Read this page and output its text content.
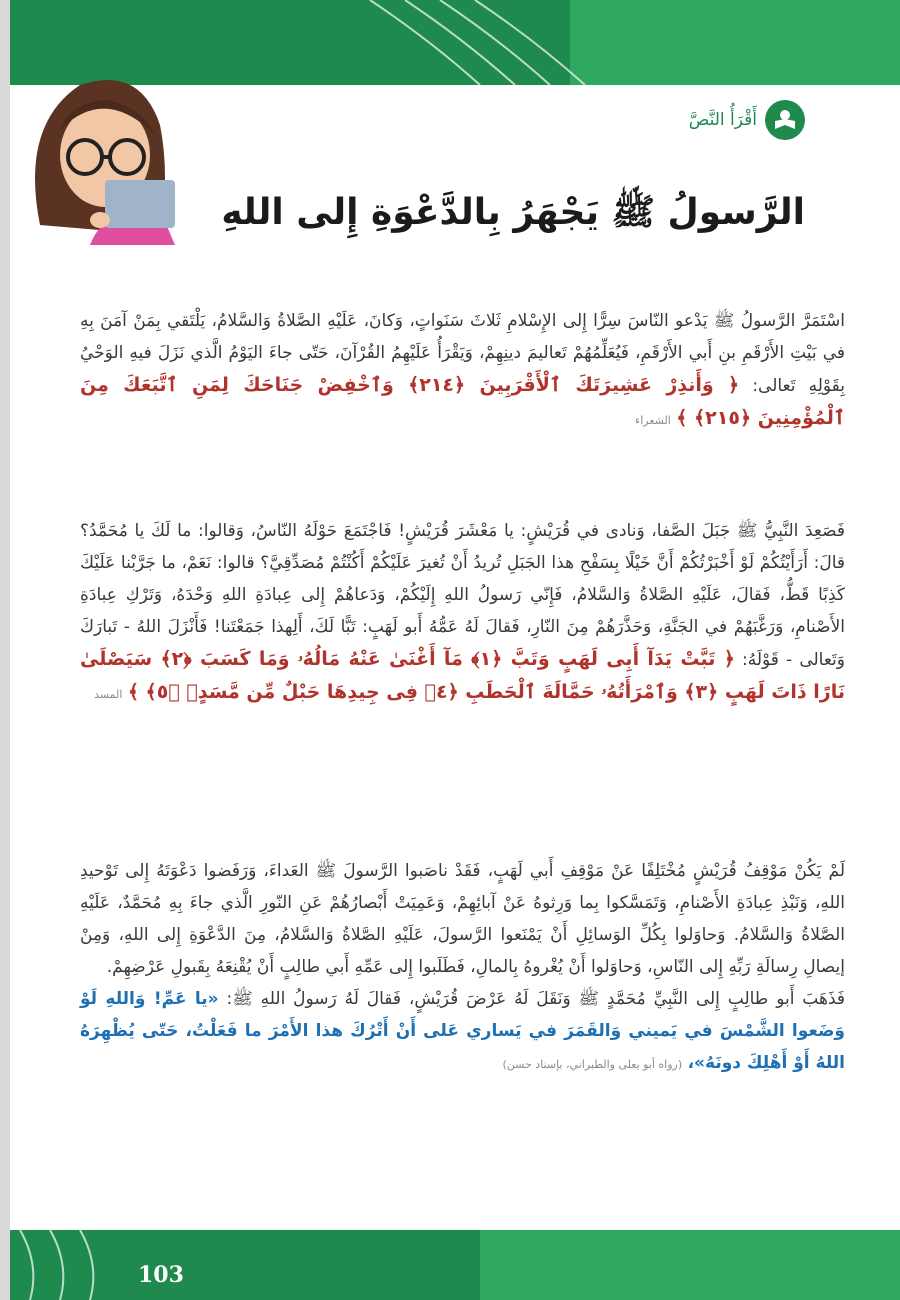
أَقْرَأُ النَّصَّ
الرَّسولُ ﷺ يَجْهَرُ بِالدَّعْوَةِ إِلى اللهِ
اسْتَمَرَّ الرَّسولُ ﷺ يَدْعو النّاسَ سِرًّا إِلى الإِسْلامِ ثَلاثَ سَنَواتٍ، وَكانَ، عَلَيْهِ الصَّلاةُ وَالسَّلامُ، يَلْتَقي بِمَنْ آمَنَ بِهِ في بَيْتِ الأَرْقَمِ بنِ أَبي الأَرْقَمِ، فَيُعَلِّمُهُمْ تَعاليمَ دينِهِمْ، وَيَقْرَأُ عَلَيْهِمُ القُرْآنَ، حَتّى جاءَ اليَوْمُ الَّذي نَزَلَ فيهِ الوَحْيُ بِقَوْلِهِ تَعالى: ﴿ وَأَنذِرْ عَشِيرَتَكَ ٱلْأَقْرَبِينَ ﴿٢١٤﴾ وَٱخْفِضْ جَنَاحَكَ لِمَنِ ٱتَّبَعَكَ مِنَ ٱلْمُؤْمِنِينَ ﴿٢١٥﴾ ﴾ الشعراء
فَصَعِدَ النَّبِيُّ ﷺ جَبَلَ الصَّفا، وَنادى في قُرَيْشٍ: يا مَعْشَرَ قُرَيْشٍ! فَاجْتَمَعَ حَوْلَهُ النّاسُ، وَقالوا: ما لَكَ يا مُحَمَّدُ؟ قالَ: أَرَأَيْتُكُمْ لَوْ أَخْبَرْتُكُمْ أَنَّ خَيْلًا بِسَفْحِ هذا الجَبَلِ تُريدُ أَنْ تُغيرَ عَلَيْكُمْ أَكُنْتُمْ مُصَدِّقِيَّ؟ قالوا: نَعَمْ، ما جَرَّبْنا عَلَيْكَ كَذِبًا قَطُّ، فَقالَ، عَلَيْهِ الصَّلاةُ وَالسَّلامُ، فَإِنّي رَسولُ اللهِ إِلَيْكُمْ، وَدَعاهُمْ إِلى عِبادَةِ اللهِ وَحْدَهُ، وَتَرْكِ عِبادَةِ الأَصْنامِ، وَرَغَّبَهُمْ في الجَنَّةِ، وَحَذَّرَهُمْ مِنَ النّارِ، فَقالَ لَهُ عَمُّهُ أَبو لَهَبٍ: تَبًّا لَكَ، أَلِهذا جَمَعْتَنا! فَأَنْزَلَ اللهُ - تَبارَكَ وَتَعالى - قَوْلَهُ: ﴿ تَبَّتْ يَدَآ أَبِى لَهَبٍ وَتَبَّ ﴿١﴾ مَآ أَغْنَىٰ عَنْهُ مَالُهُۥ وَمَا كَسَبَ ﴿٢﴾ سَيَصْلَىٰ نَارًا ذَاتَ لَهَبٍ ﴿٣﴾ وَٱمْرَأَتُهُۥ حَمَّالَةَ ٱلْحَطَبِ ﴿٤﴾ فِى جِيدِهَا حَبْلٌ مِّن مَّسَدٍۭ ﴿٥﴾ ﴾ المسد
لَمْ يَكُنْ مَوْقِفُ قُرَيْشٍ مُخْتَلِفًا عَنْ مَوْقِفِ أَبي لَهَبٍ، فَقَدْ ناصَبوا الرَّسولَ ﷺ العَداءَ، وَرَفَضوا دَعْوَتَهُ إِلى تَوْحيدِ اللهِ، وَنَبْذِ عِبادَةِ الأَصْنامِ، وَتَمَسَّكوا بِما وَرِثوهُ عَنْ آبائِهِمْ، وَعَمِيَتْ أَبْصارُهُمْ عَنِ النّورِ الَّذي جاءَ بِهِ مُحَمَّدٌ، عَلَيْهِ الصَّلاةُ وَالسَّلامُ. وَحاوَلوا بِكُلِّ الوَسائِلِ أَنْ يَمْنَعوا الرَّسولَ، عَلَيْهِ الصَّلاةُ وَالسَّلامُ، مِنَ الدَّعْوَةِ إِلى اللهِ، وَمِنْ إيصالِ رِسالَةِ رَبِّهِ إِلى النّاسِ، وَحاوَلوا أَنْ يُغْروهُ بِالمالِ، فَطَلَبوا إِلى عَمِّهِ أَبي طالِبٍ أَنْ يُقْنِعَهُ بِقَبولِ عَرْضِهِمْ.
فَذَهَبَ أَبو طالِبٍ إِلى النَّبِيِّ مُحَمَّدٍ ﷺ وَنَقَلَ لَهُ عَرْضَ قُرَيْشٍ، فَقالَ لَهُ رَسولُ اللهِ ﷺ: «يا عَمِّ! وَاللهِ لَوْ وَضَعوا الشَّمْسَ في يَميني وَالقَمَرَ في يَساري عَلى أَنْ أَتْرُكَ هذا الأَمْرَ ما فَعَلْتُ، حَتّى يُظْهِرَهُ اللهُ أَوْ أَهْلِكَ دونَهُ»، (رواه أبو يعلى والطبراني، بإسناد حسن)
103
